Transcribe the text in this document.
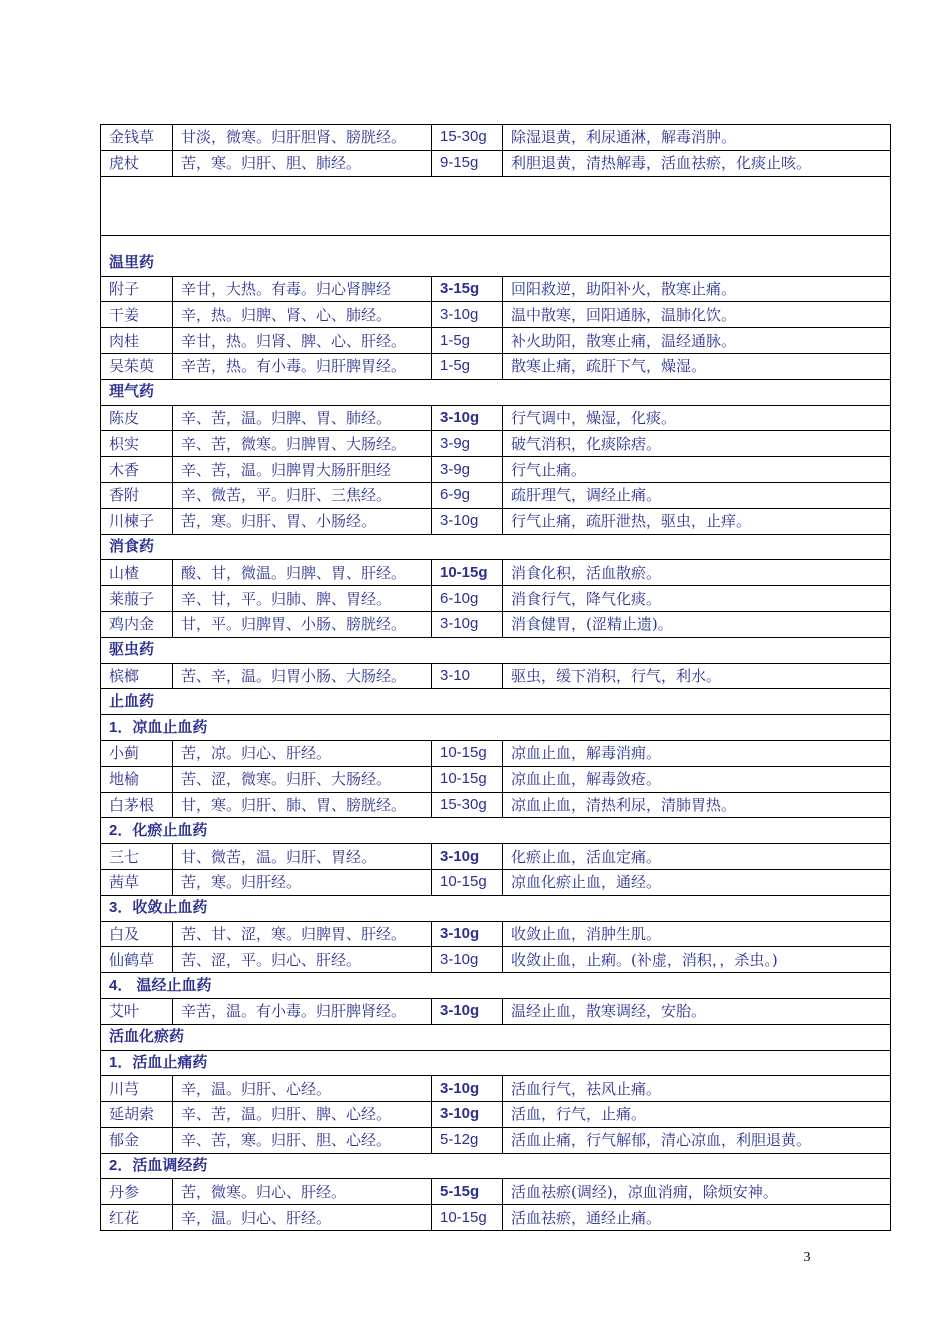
金钱草	甘淡，微寒。归肝胆肾、膀胱经。	15-30g	除湿退黄，利尿通淋，解毒消肿。
虎杖	苦，寒。归肝、胆、肺经。	9-15g	利胆退黄，清热解毒，活血祛瘀，化痰止咳。

温里药			
附子	辛甘，大热。有毒。归心肾脾经	3-15g	回阳救逆，助阳补火，散寒止痛。
干姜	辛，热。归脾、肾、心、肺经。	3-10g	温中散寒，回阳通脉，温肺化饮。
肉桂	辛甘，热。归肾、脾、心、肝经。	1-5g	补火助阳，散寒止痛，温经通脉。
吴茱萸	辛苦，热。有小毒。归肝脾胃经。	1-5g	散寒止痛，疏肝下气，燥湿。
理气药			
陈皮	辛、苦，温。归脾、胃、肺经。	3-10g	行气调中，燥湿，化痰。
枳实	辛、苦，微寒。归脾胃、大肠经。	3-9g	破气消积，化痰除痞。
木香	辛、苦，温。归脾胃大肠肝胆经	3-9g	行气止痛。
香附	辛、微苦，平。归肝、三焦经。	6-9g	疏肝理气，调经止痛。
川楝子	苦，寒。归肝、胃、小肠经。	3-10g	行气止痛，疏肝泄热，驱虫，止痒。
消食药			
山楂	酸、甘，微温。归脾、胃、肝经。	10-15g	消食化积，活血散瘀。
莱菔子	辛、甘，平。归肺、脾、胃经。	6-10g	消食行气，降气化痰。
鸡内金	甘，平。归脾胃、小肠、膀胱经。	3-10g	消食健胃，(涩精止遗)。
驱虫药			
槟榔	苦、辛，温。归胃小肠、大肠经。	3-10	驱虫，缓下消积，行气，利水。
止血药			
1．凉血止血药			
小蓟	苦，凉。归心、肝经。	10-15g	凉血止血，解毒消痈。
地榆	苦、涩，微寒。归肝、大肠经。	10-15g	凉血止血，解毒敛疮。
白茅根	甘，寒。归肝、肺、胃、膀胱经。	15-30g	凉血止血，清热利尿，清肺胃热。
2．化瘀止血药			
三七	甘、微苦，温。归肝、胃经。	3-10g	化瘀止血，活血定痛。
茜草	苦，寒。归肝经。	10-15g	凉血化瘀止血，通经。
3．收敛止血药			
白及	苦、甘、涩，寒。归脾胃、肝经。	3-10g	收敛止血，消肿生肌。
仙鹤草	苦、涩，平。归心、肝经。	3-10g	收敛止血，止痢。(补虚，消积，，杀虫。)
4． 温经止血药			
艾叶	辛苦，温。有小毒。归肝脾肾经。	3-10g	温经止血，散寒调经，安胎。
活血化瘀药			
1．活血止痛药			
川芎	辛，温。归肝、心经。	3-10g	活血行气，祛风止痛。
延胡索	辛、苦，温。归肝、脾、心经。	3-10g	活血，行气，止痛。
郁金	辛、苦，寒。归肝、胆、心经。	5-12g	活血止痛，行气解郁，清心凉血，利胆退黄。
2．活血调经药			
丹参	苦，微寒。归心、肝经。	5-15g	活血祛瘀(调经)，凉血消痈，除烦安神。
红花	辛，温。归心、肝经。	10-15g	活血祛瘀，通经止痛。
3
